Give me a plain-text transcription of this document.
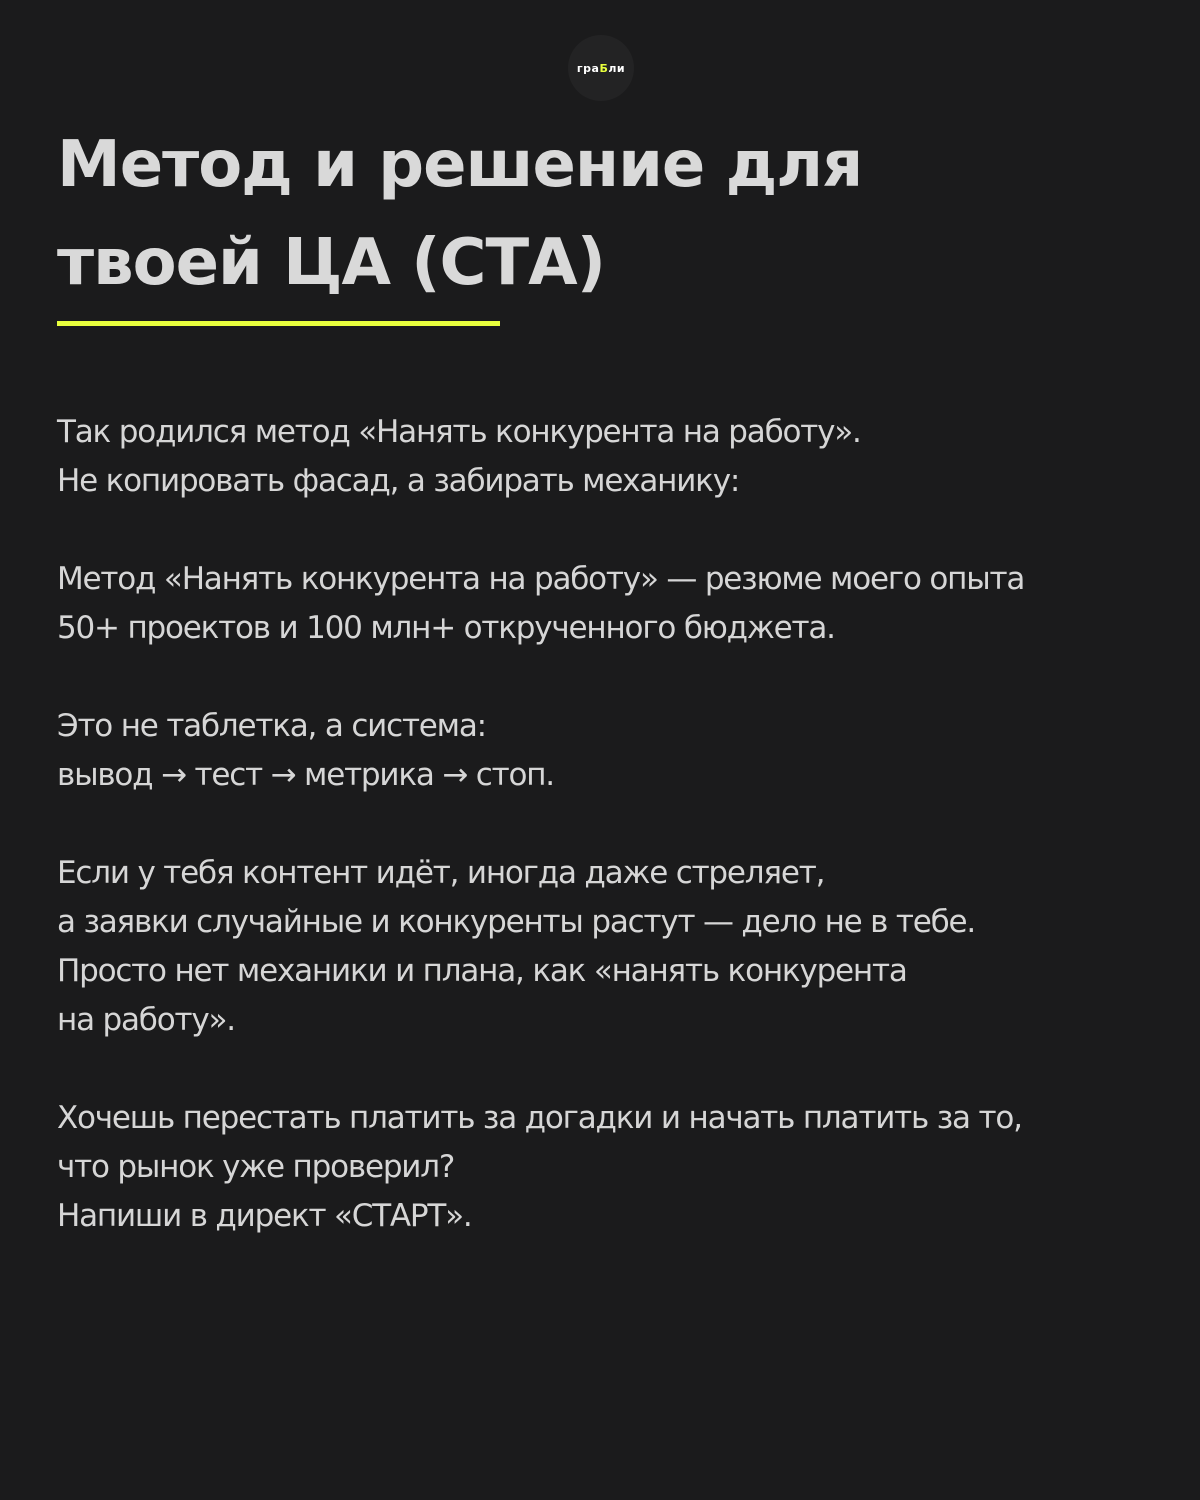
гра Б ли
Метод и решение для
твоей ЦА (СТА)

Так родился метод «Нанять конкурента на работу».
Не копировать фасад, а забирать механику:

Метод «Нанять конкурента на работу» — резюме моего опыта
50+ проектов и 100 млн+ открученного бюджета.

Это не таблетка, а система:
вывод → тест → метрика → стоп.

Если у тебя контент идёт, иногда даже стреляет,
а заявки случайные и конкуренты растут — дело не в тебе.
Просто нет механики и плана, как «нанять конкурента
на работу».

Хочешь перестать платить за догадки и начать платить за то,
что рынок уже проверил?
Напиши в директ «СТАРТ».
